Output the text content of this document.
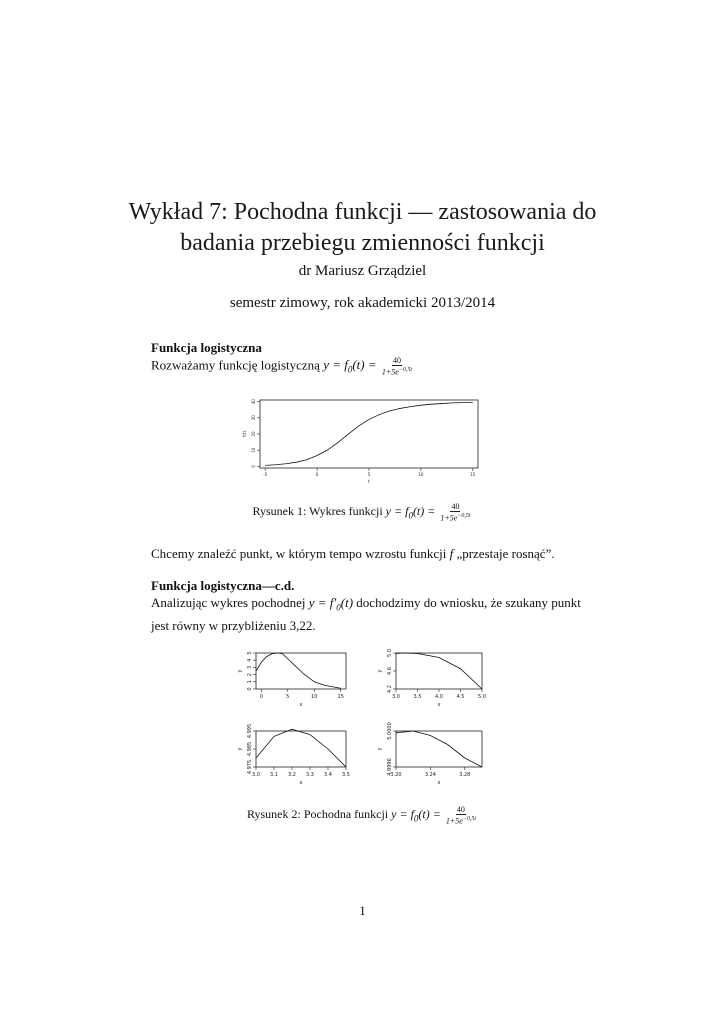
Wykład 7: Pochodna funkcji — zastosowania do
badania przebiegu zmienności funkcji
dr Mariusz Grządziel
semestr zimowy, rok akademicki 2013/2014
Funkcja logistyczna
Rozważamy funkcję logistyczną $y = f_0(t) = \frac{40}{1+5e^{-0,5t}}$
-5	0	5	10	15
0
10
20
30
40
t
f(t)
Rysunek 1: Wykres funkcji $y = f_0(t) = \frac{40}{1+5e^{-0,5t}}$
Chcemy znaleźć punkt, w którym tempo wzrostu funkcji f „przestaje rosnąć”.
Funkcja logistyczna—c.d.
Analizując wykres pochodnej $y = f'_0(t)$ dochodzimy do wniosku, że szukany punkt
jest równy w przybliżeniu 3,22.
0	5	10	15
0
1
2
3
4
5
x
y
3.0	3.5	4.0	4.5	5.0
4.2
4.6
5.0
x
y
3.0 3.1 3.2 3.3 3.4 3.5
4.975
4.985
4.995
x
y
3.20	3.24	3.28
4.9996
5.0000
x
y
Rysunek 2: Pochodna funkcji $y = f_0(t) = \frac{40}{1+5e^{-0,5t}}$
1
